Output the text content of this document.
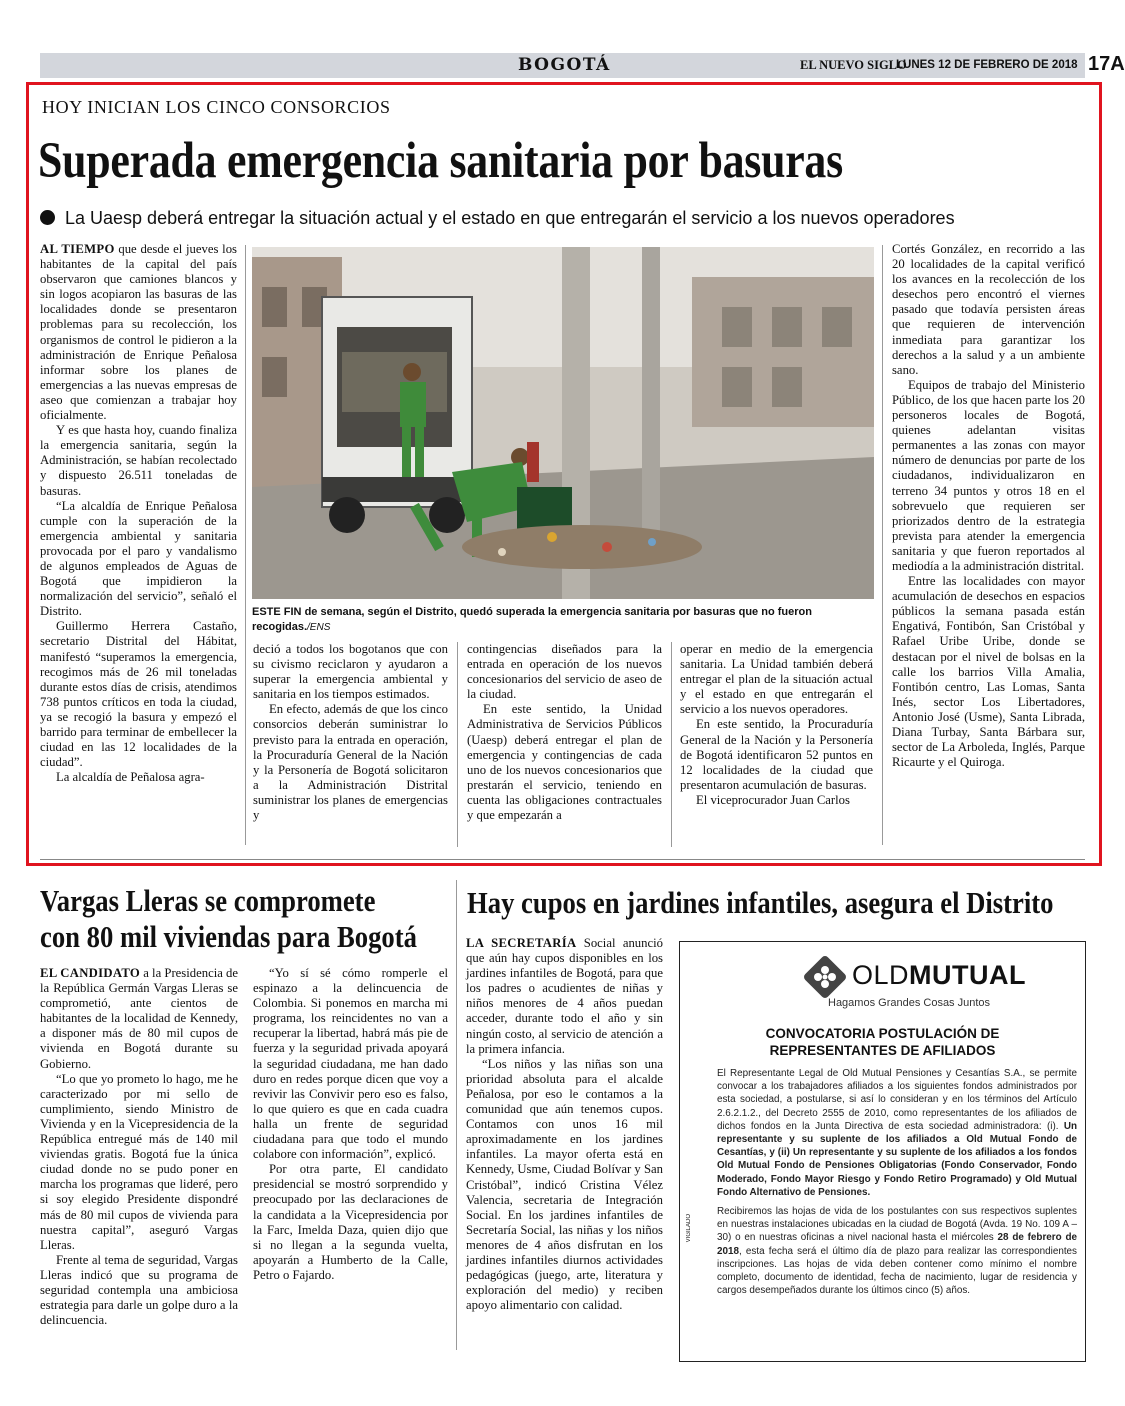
BOGOTÁ	EL NUEVO SIGLO
LUNES 12 DE FEBRERO DE 2018 17A
HOY INICIAN LOS CINCO CONSORCIOS
Superada emergencia sanitaria por basuras
La Uaesp deberá entregar la situación actual y el estado en que entregarán el servicio a los nuevos operadores

AL TIEMPO que desde el jueves los habitantes de la capital del país observaron que camiones blancos y sin logos acopiaron las basuras de las localidades donde se presentaron problemas para su recolección, los organismos de control le pidieron a la administración de Enrique Peñalosa informar sobre los planes de emergencias a las nuevas empresas de aseo que comienzan a trabajar hoy oficialmente.

Y es que hasta hoy, cuando finaliza la emergencia sanitaria, según la Administración, se habían recolectado y dispuesto 26.511 toneladas de basuras.

“La alcaldía de Enrique Peñalosa cumple con la superación de la emergencia ambiental y sanitaria provocada por el paro y vandalismo de algunos empleados de Aguas de Bogotá que impidieron la normalización del servicio”, señaló el Distrito.

Guillermo Herrera Castaño, secretario Distrital del Hábitat, manifestó “superamos la emergencia, recogimos más de 26 mil toneladas durante estos días de crisis, atendimos 738 puntos críticos en toda la ciudad, ya se recogió la basura y empezó el barrido para terminar de embellecer la ciudad en las 12 localidades de la ciudad”.

La alcaldía de Peñalosa agra-

ESTE FIN de semana, según el Distrito, quedó superada la emergencia sanitaria por basuras que no fueron recogidas./ENS

deció a todos los bogotanos que con su civismo reciclaron y ayudaron a superar la emergencia ambiental y sanitaria en los tiempos estimados.

En efecto, además de que los cinco consorcios deberán suministrar lo previsto para la entrada en operación, la Procuraduría General de la Nación y la Personería de Bogotá solicitaron a la Administración Distrital suministrar los planes de emergencias y

contingencias diseñados para la entrada en operación de los nuevos concesionarios del servicio de aseo de la ciudad.

En este sentido, la Unidad Administrativa de Servicios Públicos (Uaesp) deberá entregar el plan de emergencia y contingencias de cada uno de los nuevos concesionarios que prestarán el servicio, teniendo en cuenta las obligaciones contractuales y que empezarán a

operar en medio de la emergencia sanitaria. La Unidad también deberá entregar el plan de la situación actual y el estado en que entregarán el servicio a los nuevos operadores.

En este sentido, la Procuraduría General de la Nación y la Personería de Bogotá identificaron 52 puntos en 12 localidades de la ciudad que presentaron acumulación de basuras.

El viceprocurador Juan Carlos

Cortés González, en recorrido a las 20 localidades de la capital verificó los avances en la recolección de los desechos pero encontró el viernes pasado que todavía persisten áreas que requieren de intervención inmediata para garantizar los derechos a la salud y a un ambiente sano.

Equipos de trabajo del Ministerio Público, de los que hacen parte los 20 personeros locales de Bogotá, quienes adelantan visitas permanentes a las zonas con mayor número de denuncias por parte de los ciudadanos, individualizaron en terreno 34 puntos y otros 18 en el sobrevuelo que requieren ser priorizados dentro de la estrategia prevista para atender la emergencia sanitaria y que fueron reportados al mediodía a la administración distrital.

Entre las localidades con mayor acumulación de desechos en espacios públicos la semana pasada están Engativá, Fontibón, San Cristóbal y Rafael Uribe Uribe, donde se destacan por el nivel de bolsas en la calle los barrios Villa Amalia, Fontibón centro, Las Lomas, Santa Inés, sector Los Libertadores, Antonio José (Usme), Santa Librada, Diana Turbay, Santa Bárbara sur, sector de La Arboleda, Inglés, Parque Ricaurte y el Quiroga.

Vargas Lleras se compromete
con 80 mil viviendas para Bogotá

EL CANDIDATO a la Presidencia de la República Germán Vargas Lleras se comprometió, ante cientos de habitantes de la localidad de Kennedy, a disponer más de 80 mil cupos de vivienda en Bogotá durante su Gobierno.

“Lo que yo prometo lo hago, me he caracterizado por mi sello de cumplimiento, siendo Ministro de Vivienda y en la Vicepresidencia de la República entregué más de 140 mil viviendas gratis. Bogotá fue la única ciudad donde no se pudo poner en marcha los programas que lideré, pero si soy elegido Presidente dispondré más de 80 mil cupos de vivienda para nuestra capital”, aseguró Vargas Lleras.

Frente al tema de seguridad, Vargas Lleras indicó que su programa de seguridad contempla una ambiciosa estrategia para darle un golpe duro a la delincuencia.

“Yo sí sé cómo romperle el espinazo a la delincuencia de Colombia. Si ponemos en marcha mi programa, los reincidentes no van a recuperar la libertad, habrá más pie de fuerza y la seguridad privada apoyará la seguridad ciudadana, me han dado duro en redes porque dicen que voy a revivir las Convivir pero eso es falso, lo que quiero es que en cada cuadra halla un frente de seguridad ciudadana para que todo el mundo colabore con información”, explicó.

Por otra parte, El candidato presidencial se mostró sorprendido y preocupado por las declaraciones de la candidata a la Vicepresidencia por la Farc, Imelda Daza, quien dijo que si no llegan a la segunda vuelta, apoyarán a Humberto de la Calle, Petro o Fajardo.

Hay cupos en jardines infantiles, asegura el Distrito

LA SECRETARÍA Social anunció que aún hay cupos disponibles en los jardines infantiles de Bogotá, para que los padres o acudientes de niñas y niños menores de 4 años puedan acceder, durante todo el año y sin ningún costo, al servicio de atención a la primera infancia.

“Los niños y las niñas son una prioridad absoluta para el alcalde Peñalosa, por eso le contamos a la comunidad que aún tenemos cupos. Contamos con unos 16 mil aproximadamente en los jardines infantiles. La mayor oferta está en Kennedy, Usme, Ciudad Bolívar y San Cristóbal”, indicó Cristina Vélez Valencia, secretaria de Integración Social. En los jardines infantiles de Secretaría Social, las niñas y los niños menores de 4 años disfrutan en los jardines infantiles diurnos actividades pedagógicas (juego, arte, literatura y exploración del medio) y reciben apoyo alimentario con calidad.

OLDMUTUAL
Hagamos Grandes Cosas Juntos
CONVOCATORIA POSTULACIÓN DE
REPRESENTANTES DE AFILIADOS

El Representante Legal de Old Mutual Pensiones y Cesantías S.A., se permite convocar a los trabajadores afiliados a los siguientes fondos administrados por esta sociedad, a postularse, si así lo consideran y en los términos del Artículo 2.6.2.1.2., del Decreto 2555 de 2010, como representantes de los afiliados de dichos fondos en la Junta Directiva de esta sociedad administradora: (i). Un representante y su suplente de los afiliados a Old Mutual Fondo de Cesantías, y (ii) Un representante y su suplente de los afiliados a los fondos Old Mutual Fondo de Pensiones Obligatorias (Fondo Conservador, Fondo Moderado, Fondo Mayor Riesgo y Fondo Retiro Programado) y Old Mutual Fondo Alternativo de Pensiones.

Recibiremos las hojas de vida de los postulantes con sus respectivos suplentes en nuestras instalaciones ubicadas en la ciudad de Bogotá (Avda. 19 No. 109 A – 30) o en nuestras oficinas a nivel nacional hasta el miércoles 28 de febrero de 2018, esta fecha será el último día de plazo para realizar las correspondientes inscripciones. Las hojas de vida deben contener como mínimo el nombre completo, documento de identidad, fecha de nacimiento, lugar de residencia y cargos desempeñados durante los últimos cinco (5) años.

VIGILADO
